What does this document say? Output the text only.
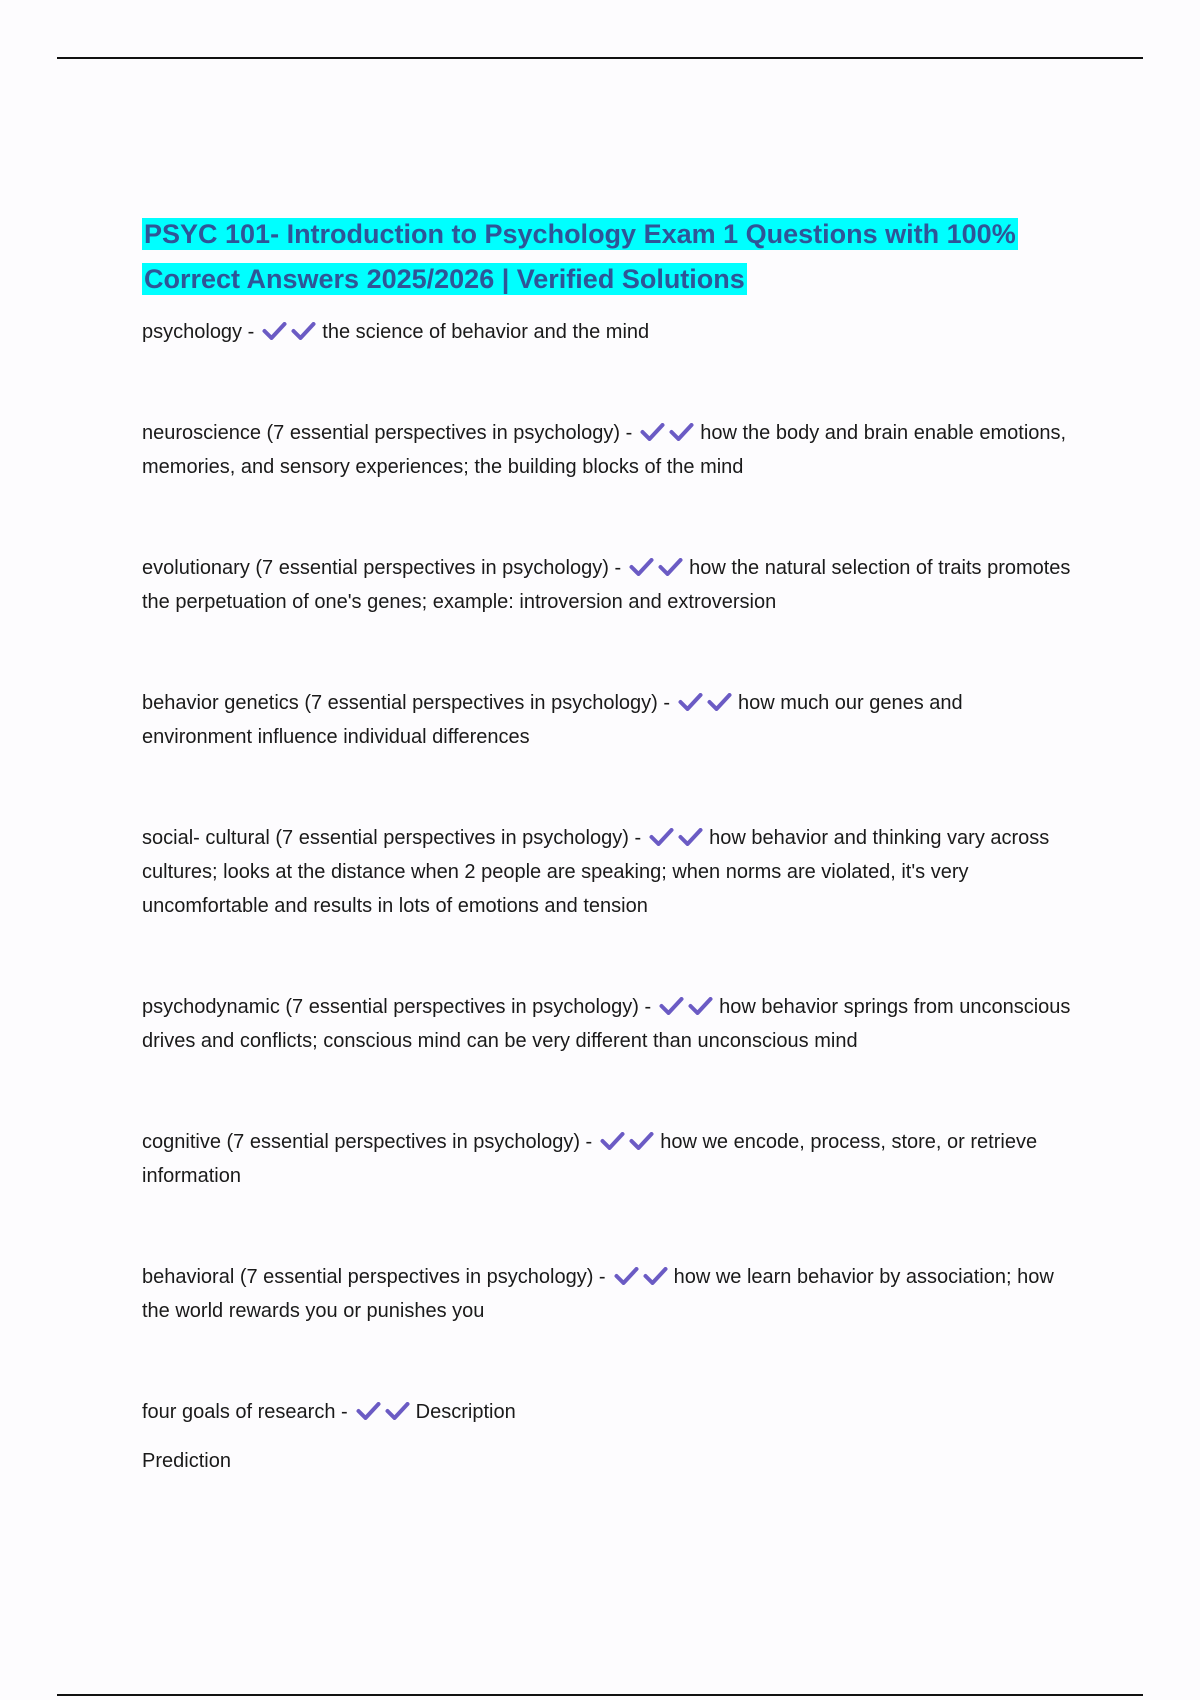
PSYC 101- Introduction to Psychology Exam 1 Questions with 100%
Correct Answers 2025/2026 | Verified Solutions

psychology -	the science of behavior and the mind

neuroscience (7 essential perspectives in psychology) -	how the body and brain enable emotions, memories, and sensory experiences; the building blocks of the mind

evolutionary (7 essential perspectives in psychology) -	how the natural selection of traits promotes the perpetuation of one's genes; example: introversion and extroversion

behavior genetics (7 essential perspectives in psychology) -	how much our genes and environment influence individual differences

social- cultural (7 essential perspectives in psychology) -	how behavior and thinking vary across cultures; looks at the distance when 2 people are speaking; when norms are violated, it's very uncomfortable and results in lots of emotions and tension

psychodynamic (7 essential perspectives in psychology) -	how behavior springs from unconscious drives and conflicts; conscious mind can be very different than unconscious mind

cognitive (7 essential perspectives in psychology) -	how we encode, process, store, or retrieve information

behavioral (7 essential perspectives in psychology) -	how we learn behavior by association; how the world rewards you or punishes you

four goals of research -	Description

Prediction
